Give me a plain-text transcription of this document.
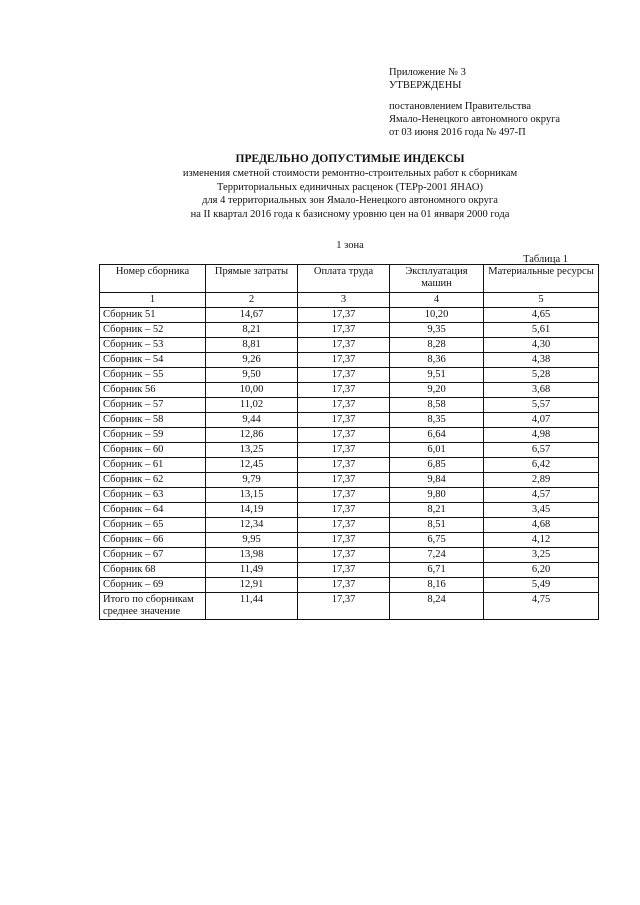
Приложение № 3
УТВЕРЖДЕНЫ
постановлением Правительства
Ямало-Ненецкого автономного округа
от 03 июня 2016 года № 497-П
ПРЕДЕЛЬНО ДОПУСТИМЫЕ ИНДЕКСЫ
изменения сметной стоимости ремонтно-строительных работ к сборникам
Территориальных единичных расценок (ТЕРр-2001 ЯНАО)
для 4 территориальных зон Ямало-Ненецкого автономного округа
на II квартал 2016 года к базисному уровню цен на 01 января 2000 года
1 зона
Таблица 1
Номер сборника	Прямые затраты	Оплата труда	Эксплуатация машин	Материальные ресурсы
1	2	3	4	5
Сборник 51	14,67	17,37	10,20	4,65
Сборник – 52	8,21	17,37	9,35	5,61
Сборник – 53	8,81	17,37	8,28	4,30
Сборник – 54	9,26	17,37	8,36	4,38
Сборник – 55	9,50	17,37	9,51	5,28
Сборник 56	10,00	17,37	9,20	3,68
Сборник – 57	11,02	17,37	8,58	5,57
Сборник – 58	9,44	17,37	8,35	4,07
Сборник – 59	12,86	17,37	6,64	4,98
Сборник – 60	13,25	17,37	6,01	6,57
Сборник – 61	12,45	17,37	6,85	6,42
Сборник – 62	9,79	17,37	9,84	2,89
Сборник – 63	13,15	17,37	9,80	4,57
Сборник – 64	14,19	17,37	8,21	3,45
Сборник – 65	12,34	17,37	8,51	4,68
Сборник – 66	9,95	17,37	6,75	4,12
Сборник – 67	13,98	17,37	7,24	3,25
Сборник 68	11,49	17,37	6,71	6,20
Сборник – 69	12,91	17,37	8,16	5,49

Итого по сборникам
среднее значение	11,44	17,37	8,24	4,75
